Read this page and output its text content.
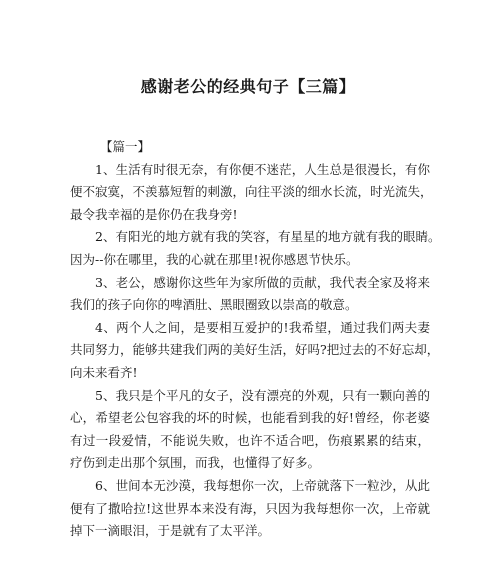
感谢老公的经典句子【三篇】
【篇一】
1、生活有时很无奈，有你便不迷茫，人生总是很漫长，有你
便不寂寞，不羡慕短暂的刺激，向往平淡的细水长流，时光流失，
最令我幸福的是你仍在我身旁!
2、有阳光的地方就有我的笑容，有星星的地方就有我的眼睛。
因为--你在哪里，我的心就在那里!祝你感恩节快乐。
3、老公，感谢你这些年为家所做的贡献，我代表全家及将来
我们的孩子向你的啤酒肚、黑眼圈致以崇高的敬意。
4、两个人之间，是要相互爱护的!我希望，通过我们两夫妻
共同努力，能够共建我们两的美好生活，好吗?把过去的不好忘却，
向未来看齐!
5、我只是个平凡的女子，没有漂亮的外观，只有一颗向善的
心，希望老公包容我的坏的时候，也能看到我的好!曾经，你老婆
有过一段爱情，不能说失败，也许不适合吧，伤痕累累的结束，
疗伤到走出那个氛围，而我，也懂得了好多。
6、世间本无沙漠，我每想你一次，上帝就落下一粒沙，从此
便有了撒哈拉!这世界本来没有海，只因为我每想你一次，上帝就
掉下一滴眼泪，于是就有了太平洋。
